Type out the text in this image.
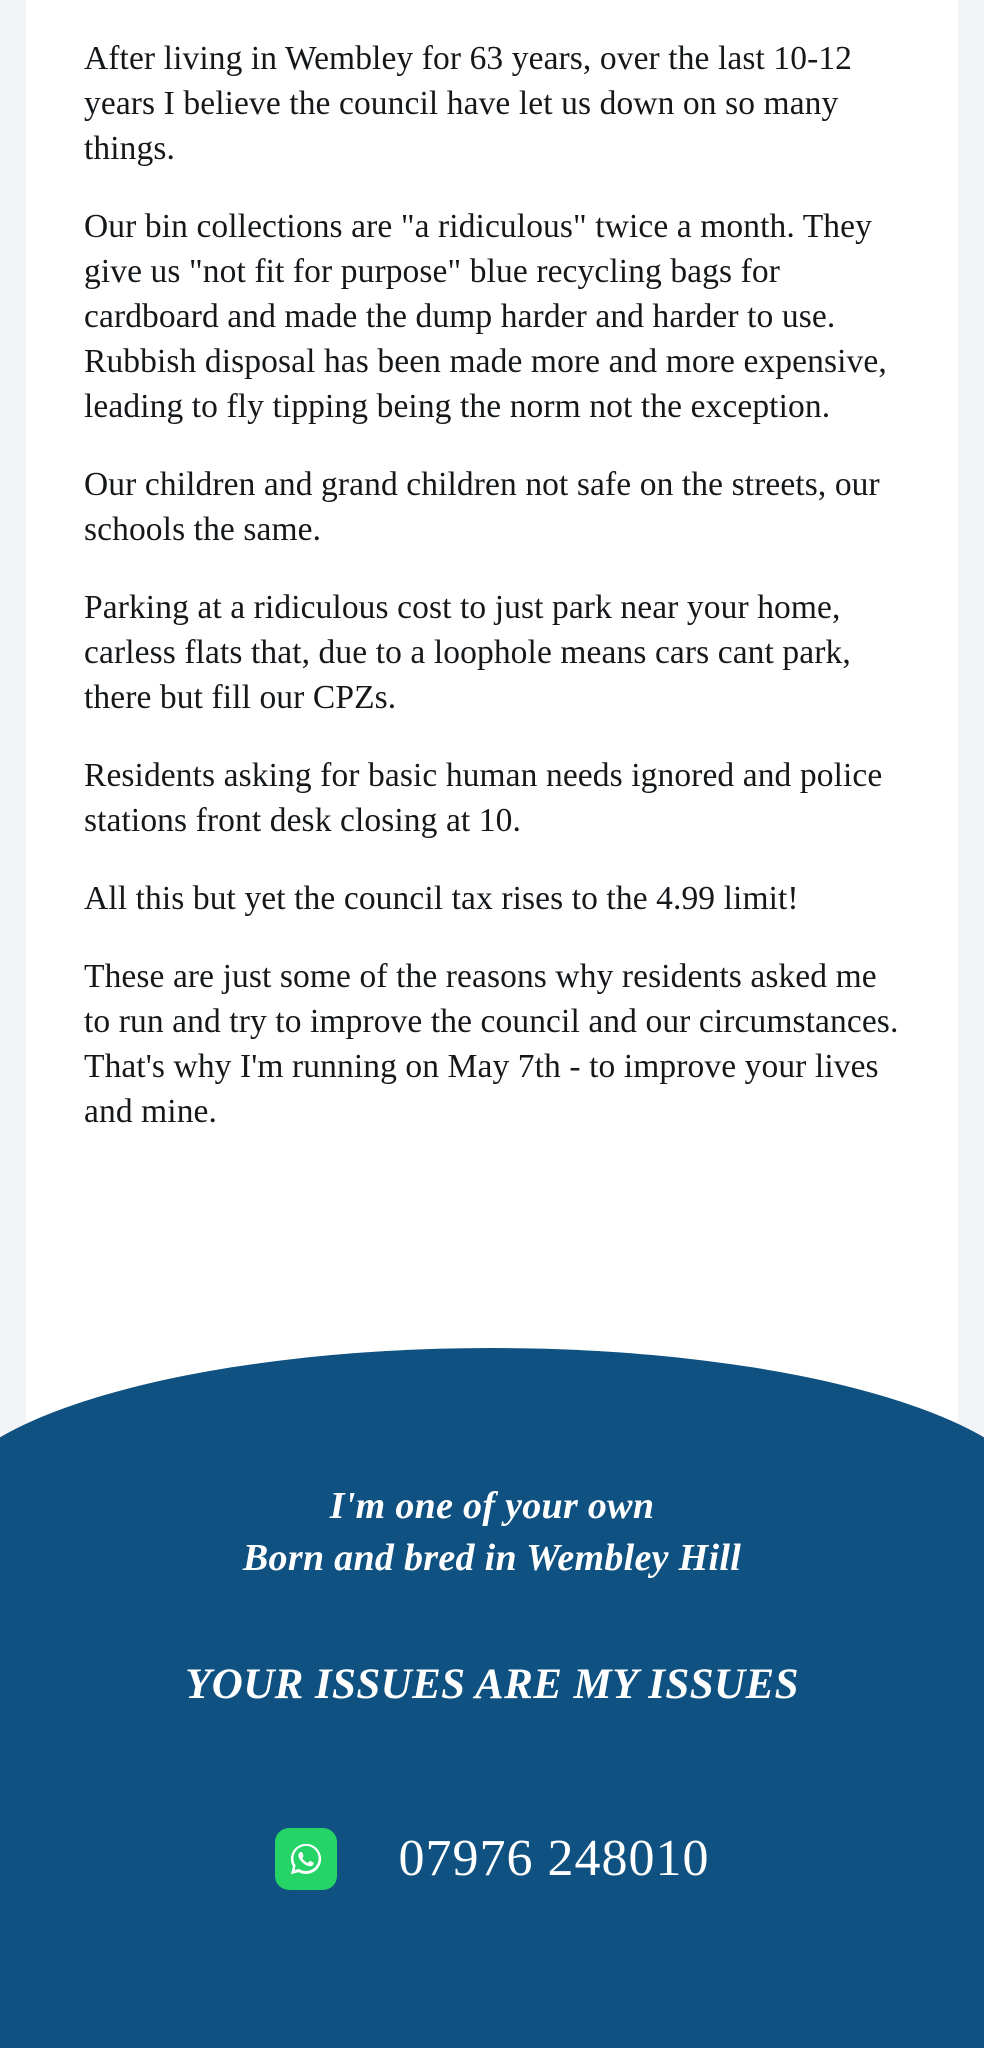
After living in Wembley for 63 years, over the last 10-12 years I believe the council have let us down on so many things.

Our bin collections are "a ridiculous" twice a month. They give us "not fit for purpose" blue recycling bags for cardboard and made the dump harder and harder to use. Rubbish disposal has been made more and more expensive, leading to fly tipping being the norm not the exception.

Our children and grand children not safe on the streets, our schools the same.

Parking at a ridiculous cost to just park near your home, carless flats that, due to a loophole means cars cant park, there but fill our CPZs.

Residents asking for basic human needs ignored and police stations front desk closing at 10.

All this but yet the council tax rises to the 4.99 limit!

These are just some of the reasons why residents asked me to run and try to improve the council and our circumstances. That's why I'm running on May 7th - to improve your lives and mine.

I'm one of your own
Born and bred in Wembley Hill
YOUR ISSUES ARE MY ISSUES
07976 248010
